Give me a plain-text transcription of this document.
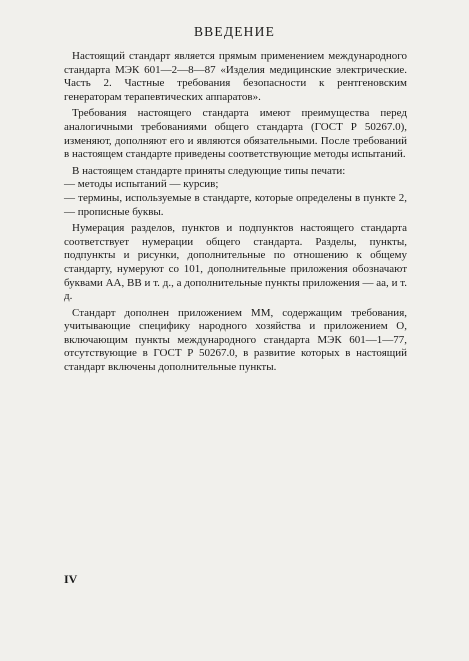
ВВЕДЕНИЕ

Настоящий стандарт является прямым применением международного стандарта МЭК 601—2—8—87 «Изделия медицинские электрические. Часть 2. Частные требования безопасности к рентгеновским генераторам терапевтических аппаратов».

Требования настоящего стандарта имеют преимущества перед аналогичными требованиями общего стандарта (ГОСТ Р 50267.0), изменяют, дополняют его и являются обязательными. После требований в настоящем стандарте приведены соответствующие методы испытаний.

В настоящем стандарте приняты следующие типы печати:

— методы испытаний — курсив;

— термины, используемые в стандарте, которые определены в пункте 2, — прописные буквы.

Нумерация разделов, пунктов и подпунктов настоящего стандарта соответствует нумерации общего стандарта. Разделы, пункты, подпункты и рисунки, дополнительные по отношению к общему стандарту, нумеруют со 101, дополнительные приложения обозначают буквами АА, ВВ и т. д., а дополнительные пункты приложения — аа, и т. д.

Стандарт дополнен приложением ММ, содержащим требования, учитывающие специфику народного хозяйства и приложением О, включающим пункты международного стандарта МЭК 601—1—77, отсутствующие в ГОСТ Р 50267.0, в развитие которых в настоящий стандарт включены дополнительные пункты.

IV
